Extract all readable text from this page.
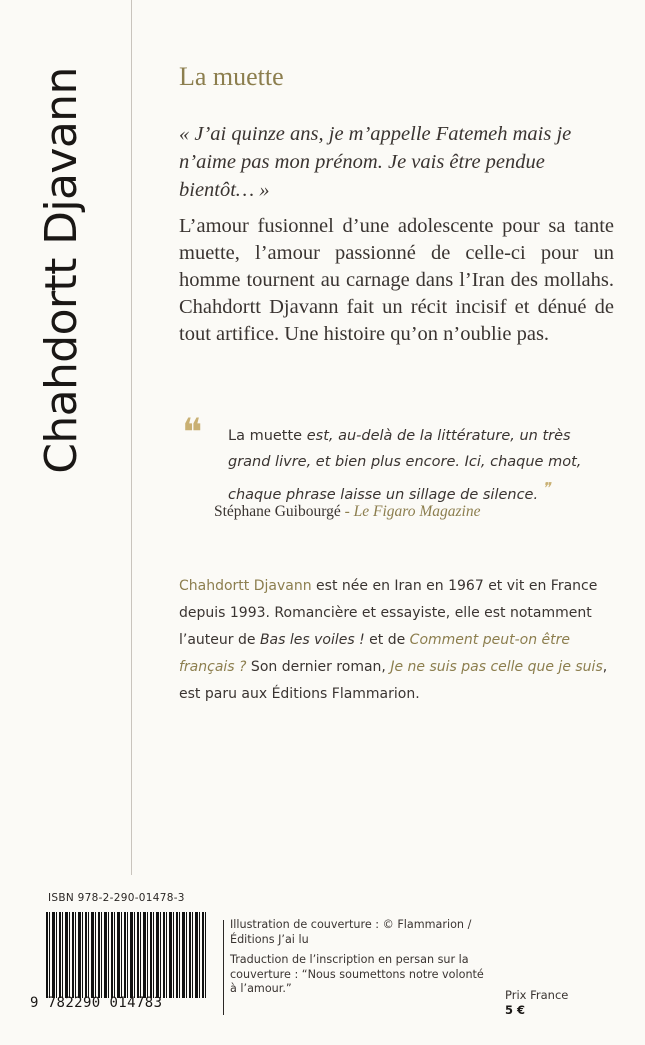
Chahdortt Djavann	La muette
« J’ai quinze ans, je m’appelle Fatemeh mais je n’aime pas mon prénom. Je vais être pendue bientôt… »
L’amour fusionnel d’une adolescente pour sa tante muette, l’amour passionné de celle-ci pour un homme tournent au carnage dans l’Iran des mollahs. Chahdortt Djavann fait un récit incisif et dénué de tout artifice. Une histoire qu’on n’oublie pas.
❝ La muette est, au-delà de la littérature, un très grand livre, et bien plus encore. Ici, chaque mot, chaque phrase laisse un sillage de silence. ❞
Stéphane Guibourgé - Le Figaro Magazine
Chahdortt Djavann est née en Iran en 1967 et vit en France depuis 1993. Romancière et essayiste, elle est notamment l’auteur de Bas les voiles ! et de Comment peut-on être français ? Son dernier roman, Je ne suis pas celle que je suis, est paru aux Éditions Flammarion.
ISBN 978-2-290-01478-3
9 782290 014783

Illustration de couverture : © Flammarion / Éditions J’ai lu

Traduction de l’inscription en persan sur la couverture : “Nous soumettons notre volonté à l’amour.”	Prix France
5 €
